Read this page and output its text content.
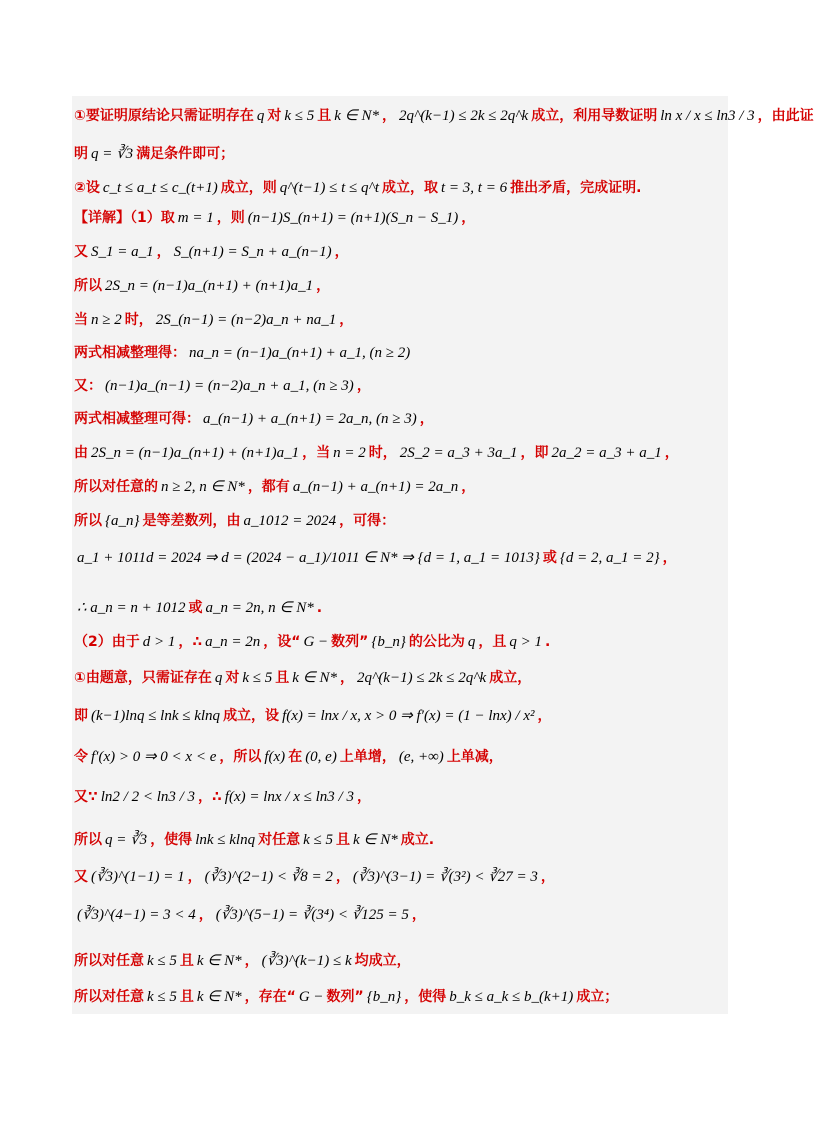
①要证明原结论只需证明存在 q 对 k ≤ 5 且 k ∈ N* ， 2q^(k−1) ≤ 2k ≤ 2q^k 成立，利用导数证明 ln x / x ≤ ln3 / 3 ，由此证
明 q = ∛3 满足条件即可；
②设 c_t ≤ a_t ≤ c_(t+1) 成立，则 q^(t−1) ≤ t ≤ q^t 成立，取 t = 3, t = 6 推出矛盾，完成证明.
【详解】（1）取 m = 1 ，则 (n−1)S_(n+1) = (n+1)(S_n − S_1) ，
又 S_1 = a_1 ， S_(n+1) = S_n + a_(n−1) ，
所以 2S_n = (n−1)a_(n+1) + (n+1)a_1 ，
当 n ≥ 2 时， 2S_(n−1) = (n−2)a_n + na_1 ，
两式相减整理得： na_n = (n−1)a_(n+1) + a_1, (n ≥ 2)
又： (n−1)a_(n−1) = (n−2)a_n + a_1, (n ≥ 3) ，
两式相减整理可得： a_(n−1) + a_(n+1) = 2a_n, (n ≥ 3) ，
由 2S_n = (n−1)a_(n+1) + (n+1)a_1 ，当 n = 2 时， 2S_2 = a_3 + 3a_1 ，即 2a_2 = a_3 + a_1 ，
所以对任意的 n ≥ 2, n ∈ N* ，都有 a_(n−1) + a_(n+1) = 2a_n ，
所以 {a_n} 是等差数列，由 a_1012 = 2024 ，可得：
a_1 + 1011d = 2024 ⇒ d = (2024 − a_1)/1011 ∈ N* ⇒ {d = 1, a_1 = 1013} 或 {d = 2, a_1 = 2} ，
∴ a_n = n + 1012 或 a_n = 2n, n ∈ N* .
（2）由于 d > 1 ，∴ a_n = 2n ，设“ G − 数列” {b_n} 的公比为 q ，且 q > 1 .
①由题意，只需证存在 q 对 k ≤ 5 且 k ∈ N* ， 2q^(k−1) ≤ 2k ≤ 2q^k 成立，
即 (k−1)lnq ≤ lnk ≤ klnq 成立，设 f(x) = lnx / x, x > 0 ⇒ f′(x) = (1 − lnx) / x² ，
令 f′(x) > 0 ⇒ 0 < x < e ，所以 f(x) 在 (0, e) 上单增， (e, +∞) 上单减，
又∵ ln2 / 2 < ln3 / 3 ，∴ f(x) = lnx / x ≤ ln3 / 3 ，
所以 q = ∛3 ，使得 lnk ≤ klnq 对任意 k ≤ 5 且 k ∈ N* 成立.
又 (∛3)^(1−1) = 1 ， (∛3)^(2−1) < ∛8 = 2 ， (∛3)^(3−1) = ∛(3²) < ∛27 = 3 ，
(∛3)^(4−1) = 3 < 4 ， (∛3)^(5−1) = ∛(3⁴) < ∛125 = 5 ，
所以对任意 k ≤ 5 且 k ∈ N* ， (∛3)^(k−1) ≤ k 均成立，
所以对任意 k ≤ 5 且 k ∈ N* ，存在“ G − 数列” {b_n} ，使得 b_k ≤ a_k ≤ b_(k+1) 成立；
